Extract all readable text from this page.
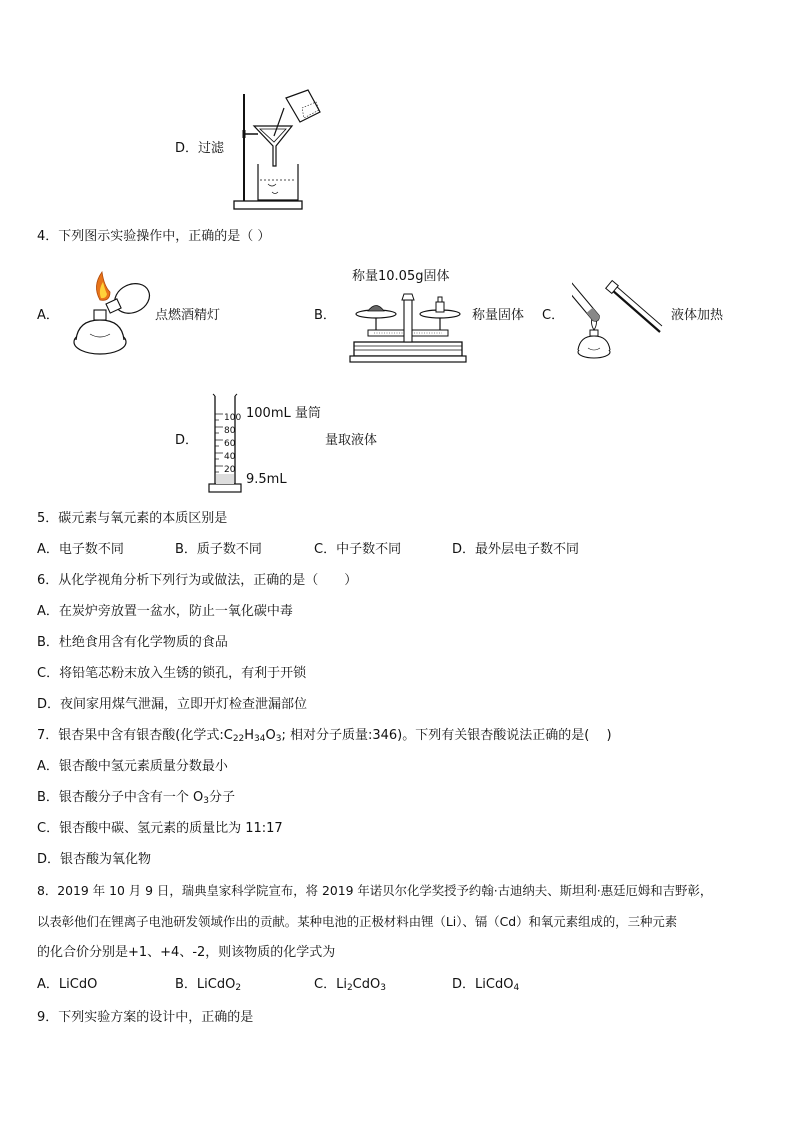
D．过滤
4．下列图示实验操作中，正确的是（ ）
A．	点燃酒精灯	B．
称量10.05g固体
称量固体 C．	液体加热
D．
100
80
60
40
20
100mL 量筒
量取液体
9.5mL
5．碳元素与氧元素的本质区别是
A．电子数不同	B．质子数不同	C．中子数不同	D．最外层电子数不同
6．从化学视角分析下列行为或做法，正确的是（　　）
A．在炭炉旁放置一盆水，防止一氧化碳中毒
B．杜绝食用含有化学物质的食品
C．将铅笔芯粉末放入生锈的锁孔，有利于开锁
D．夜间家用煤气泄漏，立即开灯检查泄漏部位
7．银杏果中含有银杏酸(化学式$:C_{22}H_{34}O_3$; 相对分子质量:346)。下列有关银杏酸说法正确的是(　 )
A．银杏酸中氢元素质量分数最小
B．银杏酸分子中含有一个 $O_3$分子
C．银杏酸中碳、氢元素的质量比为 11:17
D．银杏酸为氧化物
8．2019 年 10 月 9 日，瑞典皇家科学院宣布，将 2019 年诺贝尔化学奖授予约翰·古迪纳夫、斯坦利·惠廷厄姆和吉野彰，
以表彰他们在锂离子电池研发领域作出的贡献。某种电池的正极材料由锂（Li）、镉（Cd）和氧元素组成的，三种元素
的化合价分别是+1、+4、-2，则该物质的化学式为
A．LiCdO	B．LiCdO$_2$	C．$Li_2CdO_3$	D．LiCdO$_4$
9．下列实验方案的设计中，正确的是
